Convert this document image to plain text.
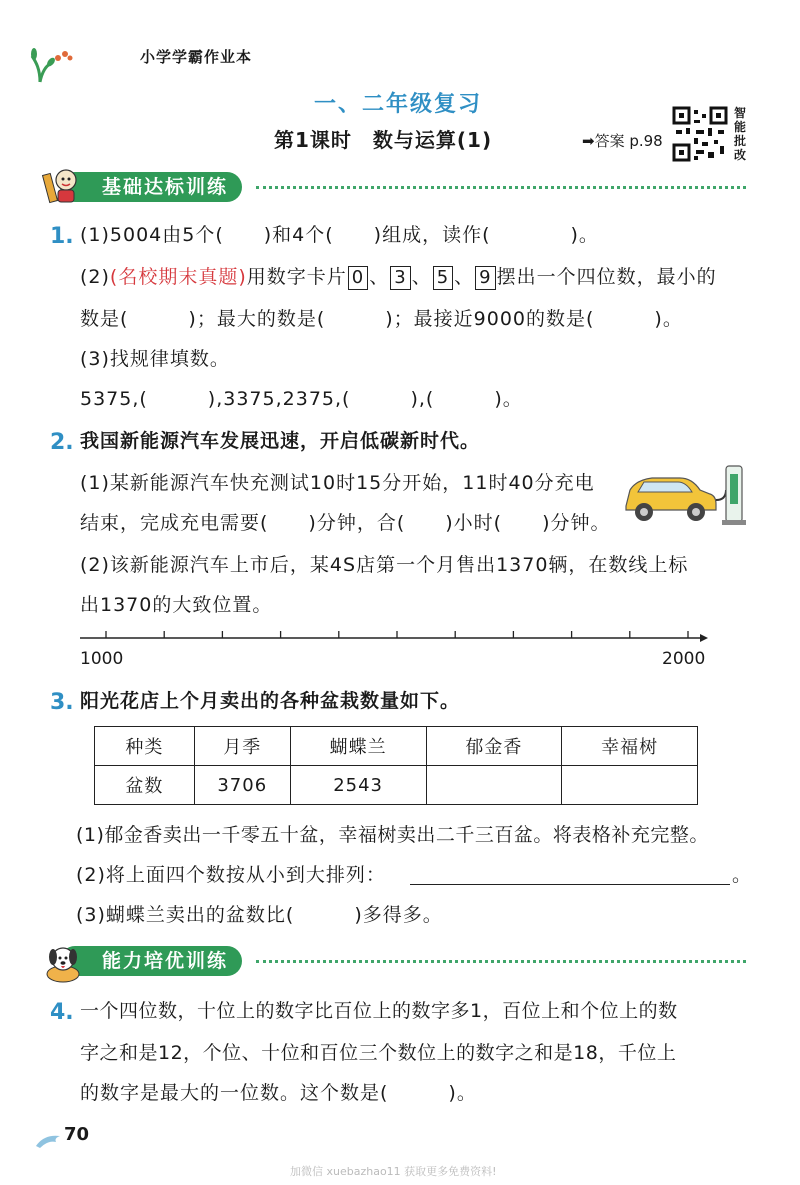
小学学霸作业本
一、二年级复习
第1课时　数与运算(1)	➡答案 p.98
智
能
批
改
基础达标训练
1. (1)5004由5个(　　)和4个(　　)组成，读作(　　　　)。
(2)(名校期末真题)用数字卡片 0 、 3 、 5 、 9 摆出一个四位数，最小的
数是(　　　)；最大的数是(　　　)；最接近9000的数是(　　　)。
(3)找规律填数。
5375,(　　　),3375,2375,(　　　),(　　　)。
2. 我国新能源汽车发展迅速，开启低碳新时代。
(1)某新能源汽车快充测试10时15分开始，11时40分充电
结束，完成充电需要(　　)分钟，合(　　)小时(　　)分钟。
(2)该新能源汽车上市后，某4S店第一个月售出1370辆，在数线上标
出1370的大致位置。
1000	2000
3. 阳光花店上个月卖出的各种盆栽数量如下。
种类	月季	蝴蝶兰	郁金香	幸福树
盆数	3706	2543		
(1)郁金香卖出一千零五十盆，幸福树卖出二千三百盆。将表格补充完整。
(2)将上面四个数按从小到大排列：	。
(3)蝴蝶兰卖出的盆数比(　　　)多得多。
能力培优训练
4. 一个四位数，十位上的数字比百位上的数字多1，百位上和个位上的数
字之和是12，个位、十位和百位三个数位上的数字之和是18，千位上
的数字是最大的一位数。这个数是(　　　)。
70
加微信 xuebazhao11 获取更多免费资料!
